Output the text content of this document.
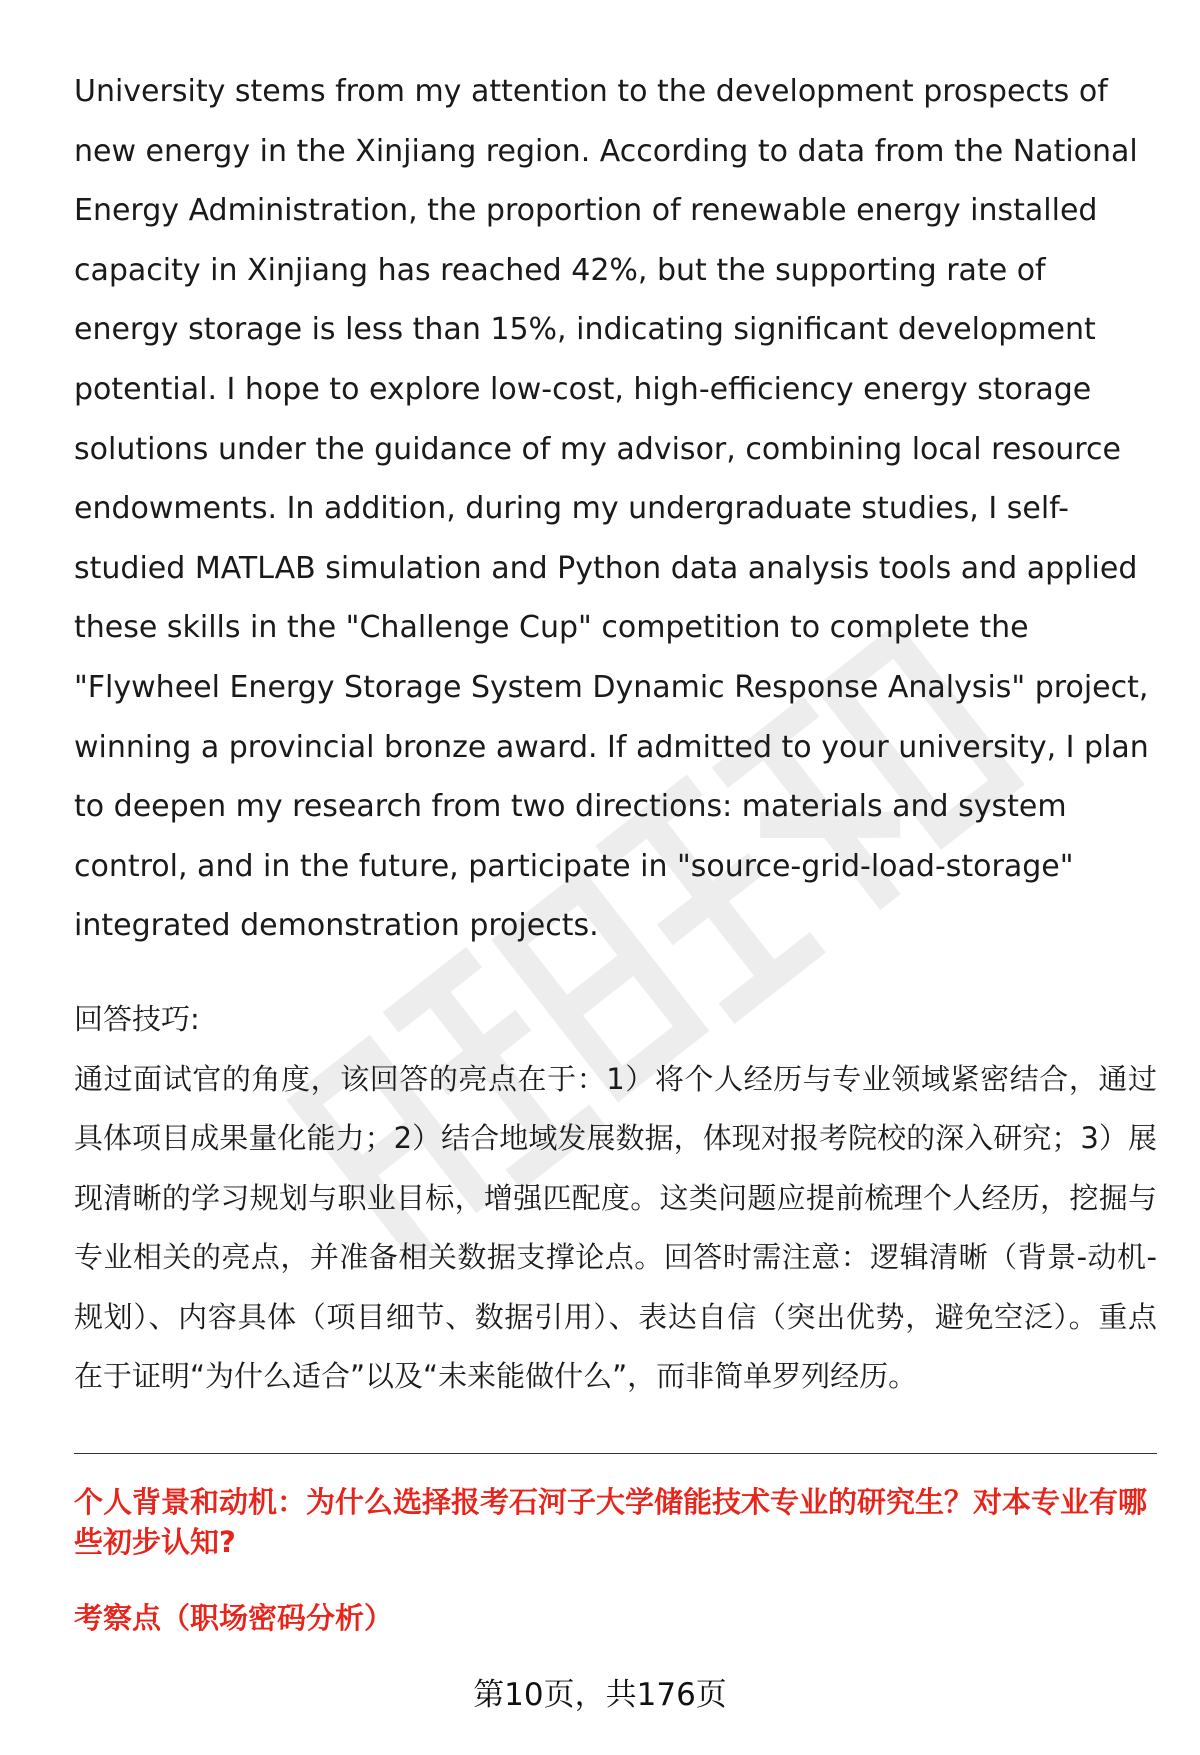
University stems from my attention to the development prospects of new energy in the Xinjiang region. According to data from the National Energy Administration, the proportion of renewable energy installed capacity in Xinjiang has reached 42%, but the supporting rate of energy storage is less than 15%, indicating significant development potential. I hope to explore low-cost, high-efficiency energy storage solutions under the guidance of my advisor, combining local resource endowments. In addition, during my undergraduate studies, I self-studied MATLAB simulation and Python data analysis tools and applied these skills in the "Challenge Cup" competition to complete the "Flywheel Energy Storage System Dynamic Response Analysis" project, winning a provincial bronze award. If admitted to your university, I plan to deepen my research from two directions: materials and system control, and in the future, participate in "source-grid-load-storage" integrated demonstration projects.

回答技巧:

通过面试官的角度，该回答的亮点在于：1）将个人经历与专业领域紧密结合，通过具体项目成果量化能力；2）结合地域发展数据，体现对报考院校的深入研究；3）展现清晰的学习规划与职业目标，增强匹配度。这类问题应提前梳理个人经历，挖掘与专业相关的亮点，并准备相关数据支撑论点。回答时需注意：逻辑清晰（背景-动机-规划）、内容具体（项目细节、数据引用）、表达自信（突出优势，避免空泛）。重点在于证明“为什么适合”以及“未来能做什么”，而非简单罗列经历。

个人背景和动机：为什么选择报考石河子大学储能技术专业的研究生？对本专业有哪些初步认知?

考察点（职场密码分析）

第10页，共176页
